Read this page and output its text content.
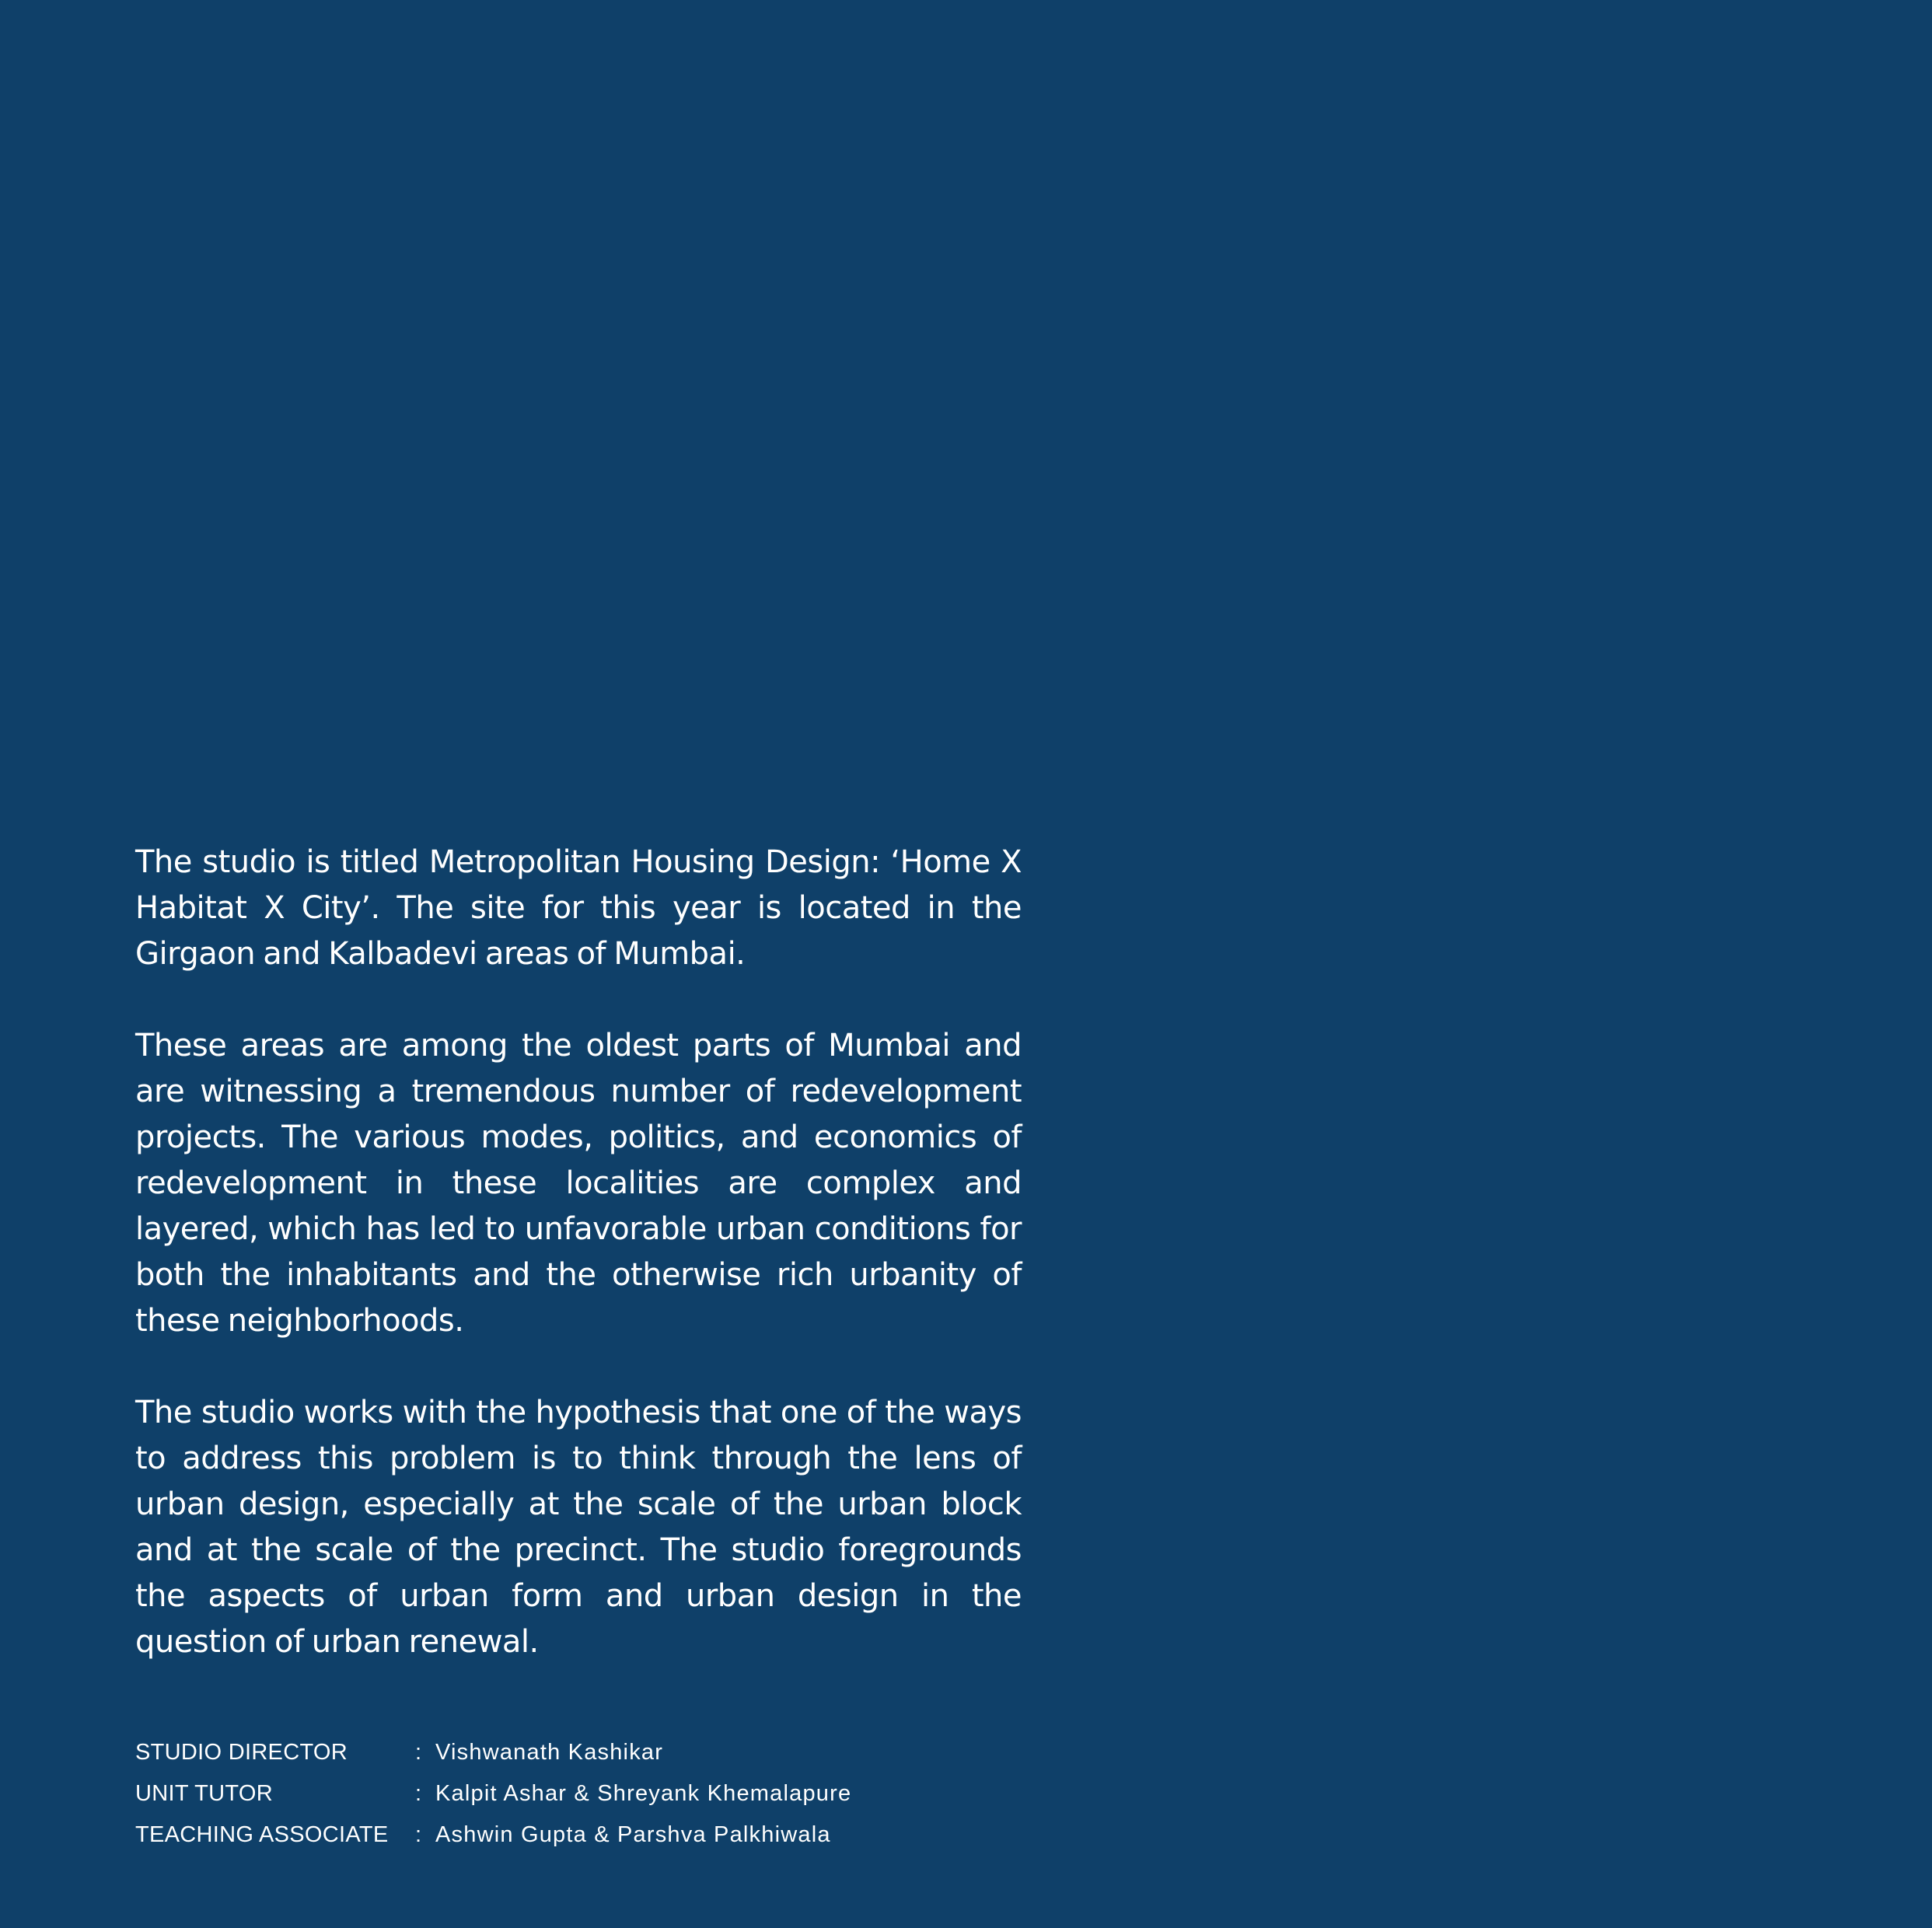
The studio is titled Metropolitan Housing Design: ‘Home X Habitat X City’. The site for this year is located in the Girgaon and Kalbadevi areas of Mumbai.

These areas are among the oldest parts of Mumbai and are witnessing a tremendous number of redevelopment projects. The various modes, politics, and economics of redevelopment in these localities are complex and layered, which has led to unfavorable urban conditions for both the inhabitants and the otherwise rich urbanity of these neighborhoods.

The studio works with the hypothesis that one of the ways to address this problem is to think through the lens of urban design, especially at the scale of the urban block and at the scale of the precinct. The studio foregrounds the aspects of urban form and urban design in the question of urban renewal.

STUDIO DIRECTOR	: Vishwanath Kashikar
UNIT TUTOR	: Kalpit Ashar & Shreyank Khemalapure
TEACHING ASSOCIATE	: Ashwin Gupta & Parshva Palkhiwala
